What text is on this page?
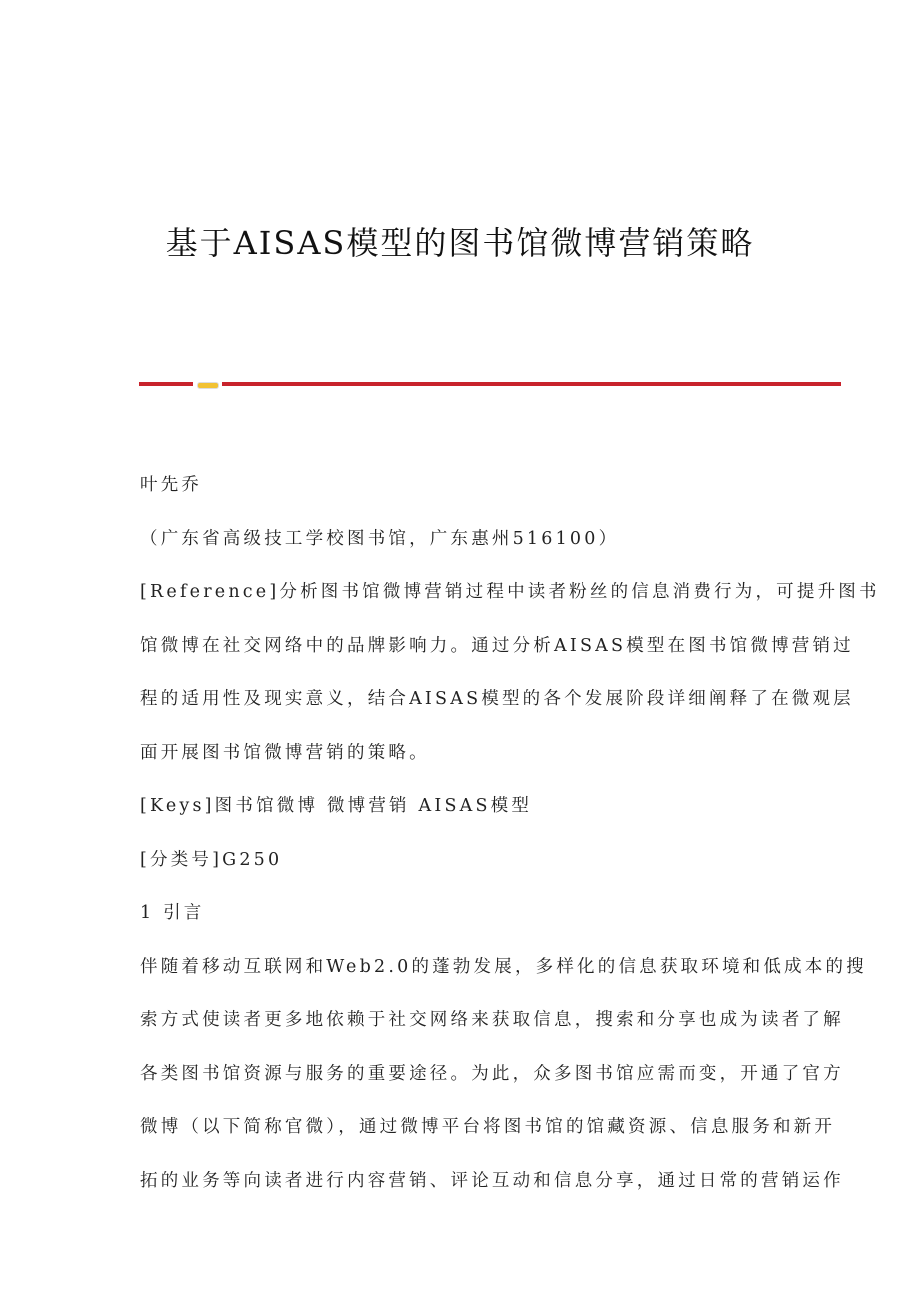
基于AISAS模型的图书馆微博营销策略
叶先乔
（广东省高级技工学校图书馆，广东惠州516100）
[Reference]分析图书馆微博营销过程中读者粉丝的信息消费行为，可提升图书
馆微博在社交网络中的品牌影响力。通过分析AISAS模型在图书馆微博营销过
程的适用性及现实意义，结合AISAS模型的各个发展阶段详细阐释了在微观层
面开展图书馆微博营销的策略。
[Keys]图书馆微博 微博营销 AISAS模型
[分类号]G250
1 引言
伴随着移动互联网和Web2.0的蓬勃发展，多样化的信息获取环境和低成本的搜
索方式使读者更多地依赖于社交网络来获取信息，搜索和分享也成为读者了解
各类图书馆资源与服务的重要途径。为此，众多图书馆应需而变，开通了官方
微博（以下简称官微），通过微博平台将图书馆的馆藏资源、信息服务和新开
拓的业务等向读者进行内容营销、评论互动和信息分享，通过日常的营销运作
